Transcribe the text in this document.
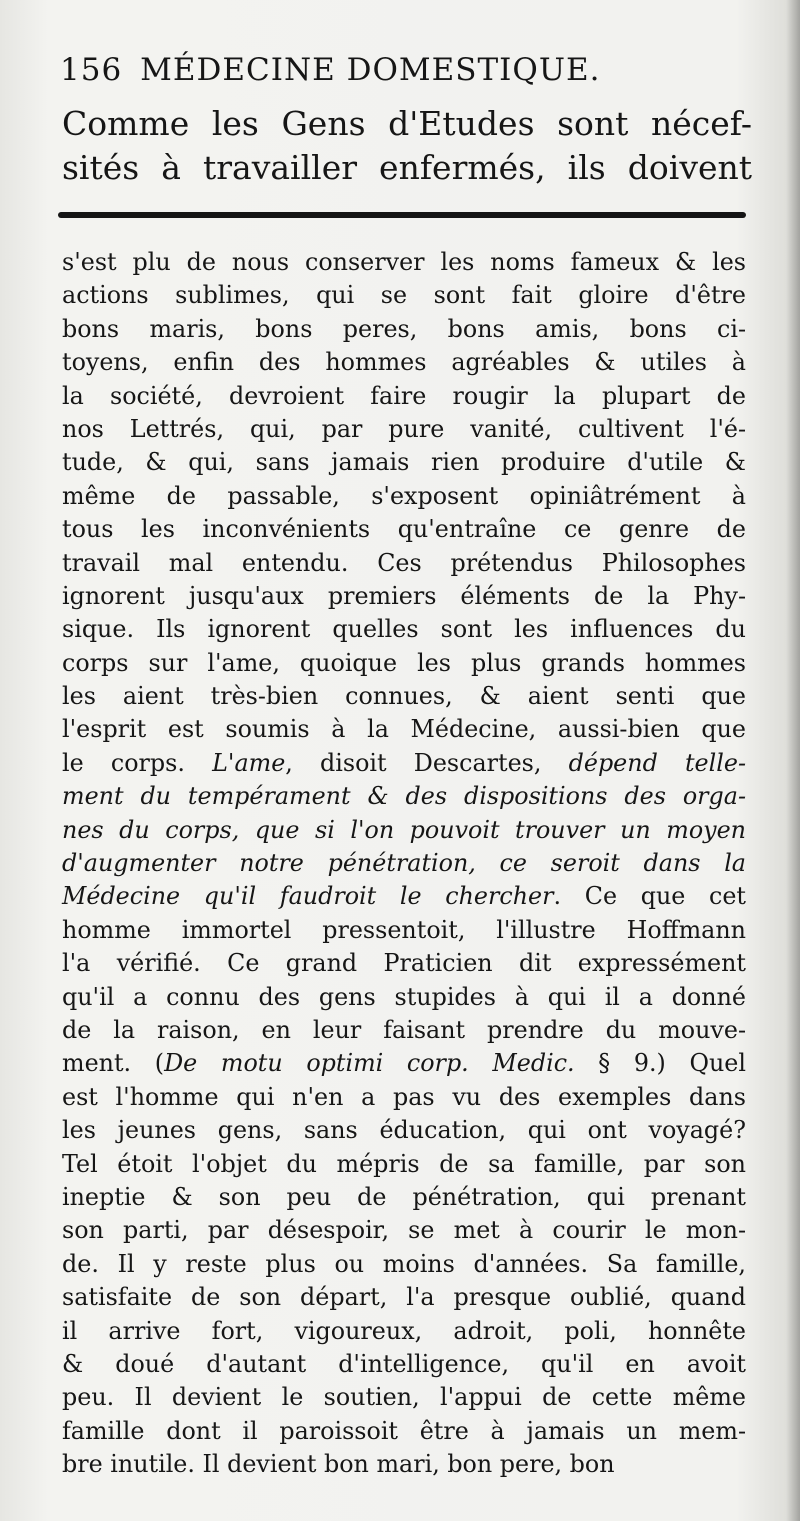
156 MÉDECINE DOMESTIQUE.
Comme les Gens d'Etudes sont nécef-
sités à travailler enfermés, ils doivent
s'est plu de nous conserver les noms fameux & les
actions sublimes, qui se sont fait gloire d'être
bons maris, bons peres, bons amis, bons ci-
toyens, enfin des hommes agréables & utiles à
la société, devroient faire rougir la plupart de
nos Lettrés, qui, par pure vanité, cultivent l'é-
tude, & qui, sans jamais rien produire d'utile &
même de passable, s'exposent opiniâtrément à
tous les inconvénients qu'entraîne ce genre de
travail mal entendu. Ces prétendus Philosophes
ignorent jusqu'aux premiers éléments de la Phy-
sique. Ils ignorent quelles sont les influences du
corps sur l'ame, quoique les plus grands hommes
les aient très-bien connues, & aient senti que
l'esprit est soumis à la Médecine, aussi-bien que
le corps. L'ame, disoit Descartes, dépend telle-
ment du tempérament & des dispositions des orga-
nes du corps, que si l'on pouvoit trouver un moyen
d'augmenter notre pénétration, ce seroit dans la
Médecine qu'il faudroit le chercher. Ce que cet
homme immortel pressentoit, l'illustre Hoffmann
l'a vérifié. Ce grand Praticien dit expressément
qu'il a connu des gens stupides à qui il a donné
de la raison, en leur faisant prendre du mouve-
ment. (De motu optimi corp. Medic. § 9.) Quel
est l'homme qui n'en a pas vu des exemples dans
les jeunes gens, sans éducation, qui ont voyagé?
Tel étoit l'objet du mépris de sa famille, par son
ineptie & son peu de pénétration, qui prenant
son parti, par désespoir, se met à courir le mon-
de. Il y reste plus ou moins d'années. Sa famille,
satisfaite de son départ, l'a presque oublié, quand
il arrive fort, vigoureux, adroit, poli, honnête
& doué d'autant d'intelligence, qu'il en avoit
peu. Il devient le soutien, l'appui de cette même
famille dont il paroissoit être à jamais un mem-
bre inutile. Il devient bon mari, bon pere, bon
